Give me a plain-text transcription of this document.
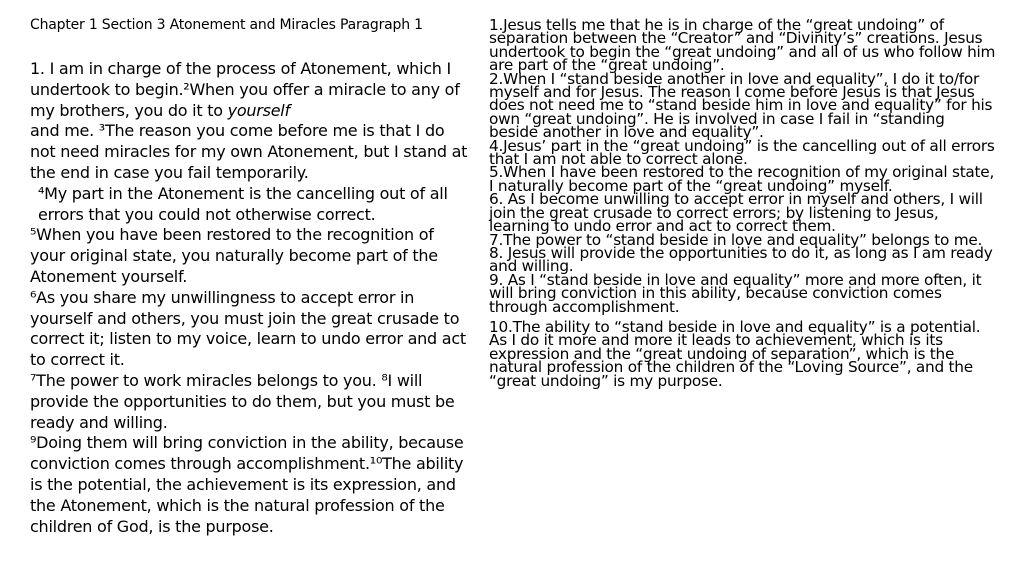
Chapter 1 Section 3 Atonement and Miracles Paragraph 1

1. I am in charge of the process of Atonement, which I undertook to begin.²When you offer a miracle to any of my brothers, you do it to yourself

and me. ³The reason you come before me is that I do not need miracles for my own Atonement, but I stand at the end in case you fail temporarily.

⁴My part in the Atonement is the cancelling out of all errors that you could not otherwise correct.

⁵When you have been restored to the recognition of your original state, you naturally become part of the Atonement yourself.

⁶As you share my unwillingness to accept error in yourself and others, you must join the great crusade to correct it; listen to my voice, learn to undo error and act to correct it.

⁷The power to work miracles belongs to you. ⁸I will provide the opportunities to do them, but you must be ready and willing.

⁹Doing them will bring conviction in the ability, because conviction comes through accomplishment.¹⁰The ability is the potential, the achievement is its expression, and the Atonement, which is the natural profession of the children of God, is the purpose.

1.Jesus tells me that he is in charge of the “great undoing” of separation between the “Creator” and “Divinity’s” creations. Jesus undertook to begin the “great undoing” and all of us who follow him are part of the “great undoing”.

2.When I “stand beside another in love and equality”, I do it to/for myself and for Jesus. The reason I come before Jesus is that Jesus does not need me to “stand beside him in love and equality” for his own “great undoing”. He is involved in case I fail in “standing beside another in love and equality”.

4.Jesus’ part in the “great undoing” is the cancelling out of all errors that I am not able to correct alone.

5.When I have been restored to the recognition of my original state, I naturally become part of the “great undoing” myself.

6. As I become unwilling to accept error in myself and others, I will join the great crusade to correct errors; by listening to Jesus, learning to undo error and act to correct them.

7.The power to “stand beside in love and equality” belongs to me. 8. Jesus will provide the opportunities to do it, as long as I am ready and willing.

9. As I “stand beside in love and equality” more and more often, it will bring conviction in this ability, because conviction comes through accomplishment.

10.The ability to “stand beside in love and equality” is a potential. As I do it more and more it leads to achievement, which is its expression and the “great undoing of separation”, which is the natural profession of the children of the “Loving Source”, and the “great undoing” is my purpose.
